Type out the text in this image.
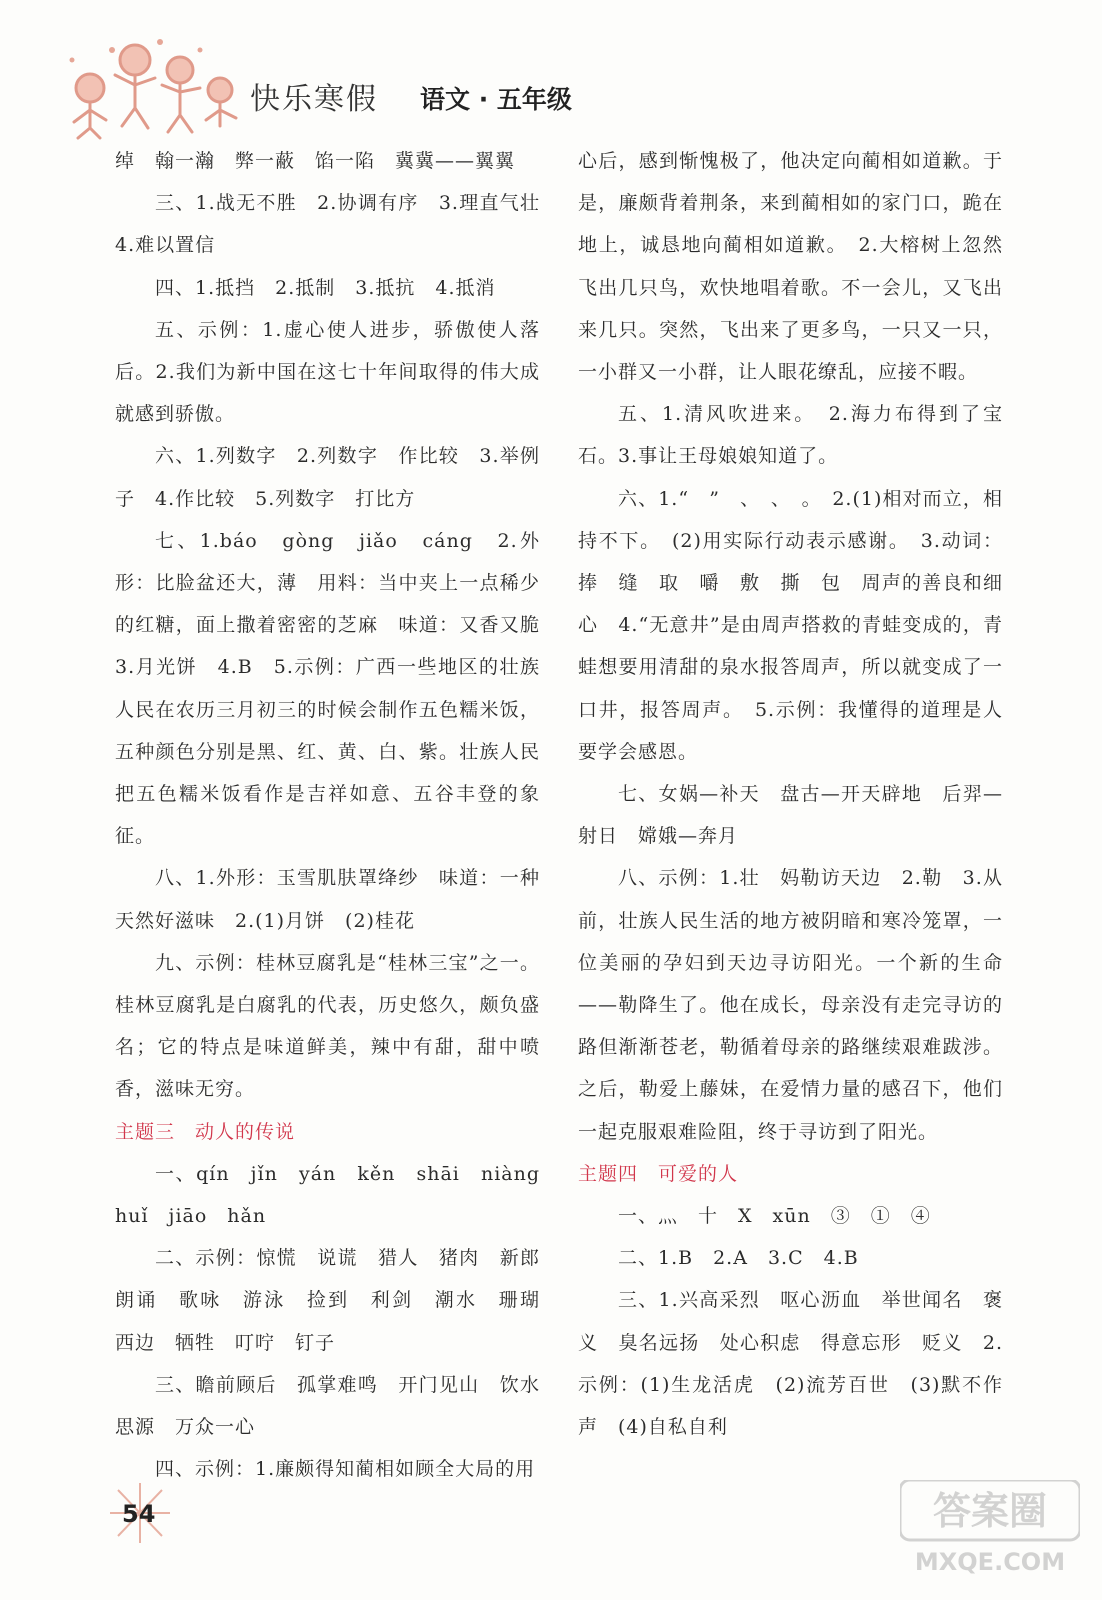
快乐寒假 语文 · 五年级

绰　翰一瀚　弊一蔽　馅一陷　冀冀——翼翼

三、1.战无不胜　2.协调有序　3.理直气壮　4.难以置信

四、1.抵挡　2.抵制　3.抵抗　4.抵消

五、示例：1.虚心使人进步，骄傲使人落后。2.我们为新中国在这七十年间取得的伟大成就感到骄傲。

六、1.列数字　2.列数字　作比较　3.举例子　4.作比较　5.列数字　打比方

七、1.báo　gòng　jiǎo　cáng　2.外形：比脸盆还大，薄　用料：当中夹上一点稀少的红糖，面上撒着密密的芝麻　味道：又香又脆　3.月光饼　4.B　5.示例：广西一些地区的壮族人民在农历三月初三的时候会制作五色糯米饭，五种颜色分别是黑、红、黄、白、紫。壮族人民把五色糯米饭看作是吉祥如意、五谷丰登的象征。

八、1.外形：玉雪肌肤罩绛纱　味道：一种天然好滋味　2.(1)月饼　(2)桂花

九、示例：桂林豆腐乳是“桂林三宝”之一。桂林豆腐乳是白腐乳的代表，历史悠久，颇负盛名；它的特点是味道鲜美，辣中有甜，甜中喷香，滋味无穷。

主题三　动人的传说

一、qín　jǐn　yán　kěn　shāi　niàng　huǐ　jiāo　hǎn

二、示例：惊慌　说谎　猎人　猪肉　新郎　朗诵　歌咏　游泳　捡到　利剑　潮水　珊瑚　西边　牺牲　叮咛　钉子

三、瞻前顾后　孤掌难鸣　开门见山　饮水思源　万众一心

四、示例：1.廉颇得知蔺相如顾全大局的用

心后，感到惭愧极了，他决定向蔺相如道歉。于是，廉颇背着荆条，来到蔺相如的家门口，跪在地上，诚恳地向蔺相如道歉。　2.大榕树上忽然飞出几只鸟，欢快地唱着歌。不一会儿，又飞出来几只。突然，飞出来了更多鸟，一只又一只，一小群又一小群，让人眼花缭乱，应接不暇。

五、1.清风吹进来。　2.海力布得到了宝石。3.事让王母娘娘知道了。

六、1.“　”　、　、　。　2.(1)相对而立，相持不下。　(2)用实际行动表示感谢。　3.动词：捧　缝　取　嚼　敷　撕　包　周声的善良和细心　4.“无意井”是由周声搭救的青蛙变成的，青蛙想要用清甜的泉水报答周声，所以就变成了一口井，报答周声。　5.示例：我懂得的道理是人要学会感恩。

七、女娲—补天　盘古—开天辟地　后羿—射日　嫦娥—奔月

八、示例：1.壮　妈勒访天边　2.勒　3.从前，壮族人民生活的地方被阴暗和寒冷笼罩，一位美丽的孕妇到天边寻访阳光。一个新的生命——勒降生了。他在成长，母亲没有走完寻访的路但渐渐苍老，勒循着母亲的路继续艰难跋涉。之后，勒爱上藤妹，在爱情力量的感召下，他们一起克服艰难险阻，终于寻访到了阳光。

主题四　可爱的人

一、灬　十　X　xūn　③　①　④

二、1.B　2.A　3.C　4.B

三、1.兴高采烈　呕心沥血　举世闻名　褒义　臭名远扬　处心积虑　得意忘形　贬义　2.示例：(1)生龙活虎　(2)流芳百世　(3)默不作声　(4)自私自利

54	答案圈
MXQE.COM
